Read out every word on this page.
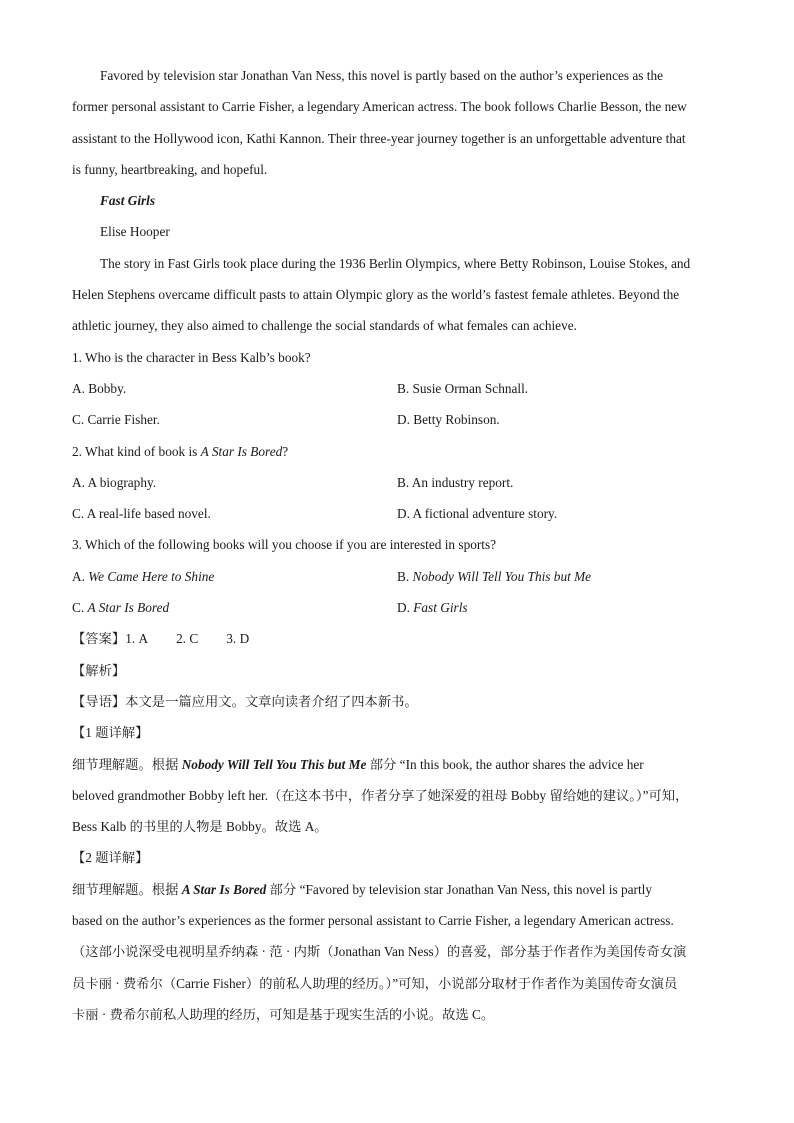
Favored by television star Jonathan Van Ness, this novel is partly based on the author’s experiences as the
former personal assistant to Carrie Fisher, a legendary American actress. The book follows Charlie Besson, the new
assistant to the Hollywood icon, Kathi Kannon. Their three-year journey together is an unforgettable adventure that
is funny, heartbreaking, and hopeful.
Fast Girls
Elise Hooper
The story in Fast Girls took place during the 1936 Berlin Olympics, where Betty Robinson, Louise Stokes, and
Helen Stephens overcame difficult pasts to attain Olympic glory as the world’s fastest female athletes. Beyond the
athletic journey, they also aimed to challenge the social standards of what females can achieve.
1. Who is the character in Bess Kalb’s book?
A. Bobby.	B. Susie Orman Schnall.
C. Carrie Fisher.	D. Betty Robinson.
2. What kind of book is A Star Is Bored?
A. A biography.	B. An industry report.
C. A real-life based novel.	D. A fictional adventure story.
3. Which of the following books will you choose if you are interested in sports?
A. We Came Here to Shine	B. Nobody Will Tell You This but Me
C. A Star Is Bored	D. Fast Girls
【答案】1. A 2. C 3. D
【解析】
【导语】本文是一篇应用文。文章向读者介绍了四本新书。
【1 题详解】
细节理解题。根据 Nobody Will Tell You This but Me 部分 “In this book, the author shares the advice her
beloved grandmother Bobby left her.（在这本书中，作者分享了她深爱的祖母 Bobby 留给她的建议。）”可知，
Bess Kalb 的书里的人物是 Bobby。故选 A。
【2 题详解】
细节理解题。根据 A Star Is Bored 部分 “Favored by television star Jonathan Van Ness, this novel is partly
based on the author’s experiences as the former personal assistant to Carrie Fisher, a legendary American actress.
（这部小说深受电视明星乔纳森 · 范 · 内斯（Jonathan Van Ness）的喜爱，部分基于作者作为美国传奇女演
员卡丽 · 费希尔（Carrie Fisher）的前私人助理的经历。）”可知，小说部分取材于作者作为美国传奇女演员
卡丽 · 费希尔前私人助理的经历，可知是基于现实生活的小说。故选 C。
